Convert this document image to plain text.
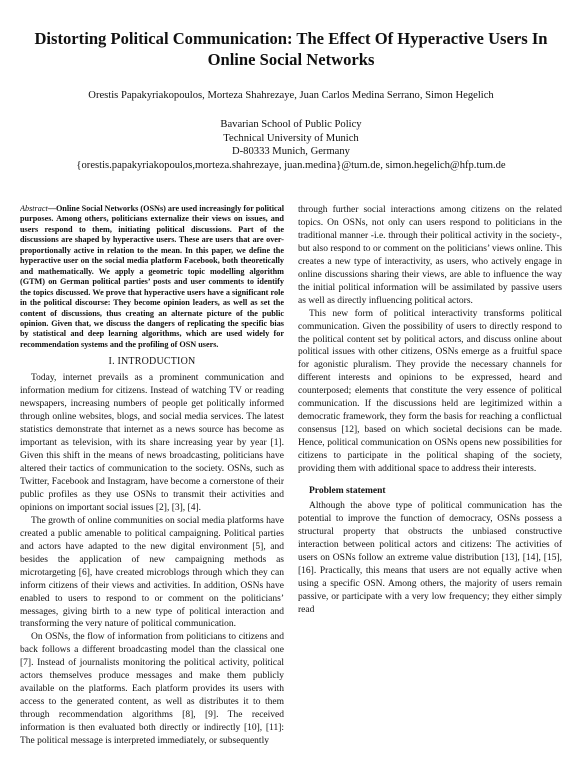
Distorting Political Communication: The Effect Of Hyperactive Users In Online Social Networks
Orestis Papakyriakopoulos, Morteza Shahrezaye, Juan Carlos Medina Serrano, Simon Hegelich
Bavarian School of Public Policy
Technical University of Munich
D-80333 Munich, Germany
{orestis.papakyriakopoulos,morteza.shahrezaye, juan.medina}@tum.de, simon.hegelich@hfp.tum.de

Abstract—Online Social Networks (OSNs) are used increasingly for political purposes. Among others, politicians externalize their views on issues, and users respond to them, initiating political discussions. Part of the discussions are shaped by hyperactive users. These are users that are over-proportionally active in relation to the mean. In this paper, we define the hyperactive user on the social media platform Facebook, both theoretically and mathematically. We apply a geometric topic modelling algorithm (GTM) on German political parties’ posts and user comments to identify the topics discussed. We prove that hyperactive users have a significant role in the political discourse: They become opinion leaders, as well as set the content of discussions, thus creating an alternate picture of the public opinion. Given that, we discuss the dangers of replicating the specific bias by statistical and deep learning algorithms, which are used widely for recommendation systems and the profiling of OSN users.

I. INTRODUCTION

Today, internet prevails as a prominent communication and information medium for citizens. Instead of watching TV or reading newspapers, increasing numbers of people get politically informed through online websites, blogs, and social media services. The latest statistics demonstrate that internet as a news source has become as important as television, with its share increasing year by year [1]. Given this shift in the means of news broadcasting, politicians have altered their tactics of communication to the society. OSNs, such as Twitter, Facebook and Instagram, have become a cornerstone of their public profiles as they use OSNs to transmit their activities and opinions on important social issues [2], [3], [4].

The growth of online communities on social media platforms have created a public amenable to political campaigning. Political parties and actors have adapted to the new digital environment [5], and besides the application of new campaigning methods as microtargeting [6], have created microblogs through which they can inform citizens of their views and activities. In addition, OSNs have enabled to users to respond to or comment on the politicians’ messages, giving birth to a new type of political interaction and transforming the very nature of political communication.

On OSNs, the flow of information from politicians to citizens and back follows a different broadcasting model than the classical one [7]. Instead of journalists monitoring the political activity, political actors themselves produce messages and make them publicly available on the platforms. Each platform provides its users with access to the generated content, as well as distributes it to them through recommendation algorithms [8], [9]. The received information is then evaluated both directly or indirectly [10], [11]: The political message is interpreted immediately, or subsequently

through further social interactions among citizens on the related topics. On OSNs, not only can users respond to politicians in the traditional manner -i.e. through their political activity in the society-, but also respond to or comment on the politicians’ views online. This creates a new type of interactivity, as users, who actively engage in online discussions sharing their views, are able to influence the way the initial political information will be assimilated by passive users as well as directly influencing political actors.

This new form of political interactivity transforms political communication. Given the possibility of users to directly respond to the political content set by political actors, and discuss online about political issues with other citizens, OSNs emerge as a fruitful space for agonistic pluralism. They provide the necessary channels for different interests and opinions to be expressed, heard and counterposed; elements that constitute the very essence of political communication. If the discussions held are legitimized within a democratic framework, they form the basis for reaching a conflictual consensus [12], based on which societal decisions can be made. Hence, political communication on OSNs opens new possibilities for citizens to participate in the political shaping of the society, providing them with additional space to address their interests.

Problem statement

Although the above type of political communication has the potential to improve the function of democracy, OSNs possess a structural property that obstructs the unbiased constructive interaction between political actors and citizens: The activities of users on OSNs follow an extreme value distribution [13], [14], [15], [16]. Practically, this means that users are not equally active when using a specific OSN. Among others, the majority of users remain passive, or participate with a very low frequency; they either simply read
